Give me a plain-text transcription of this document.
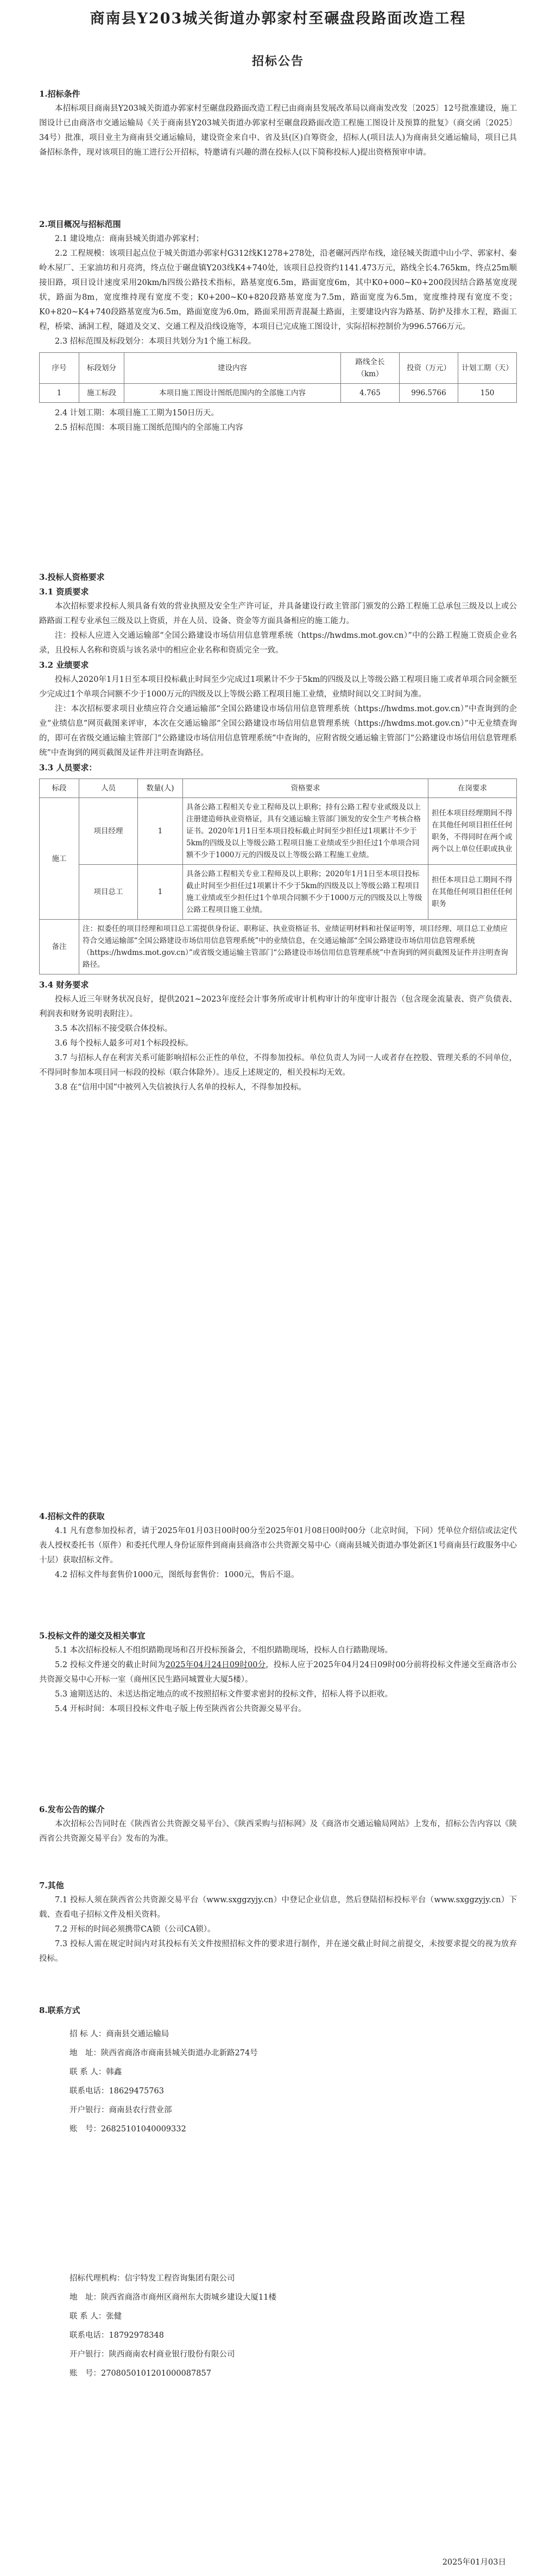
商南县Y203城关街道办郭家村至碾盘段路面改造工程
招标公告
1.招标条件
本招标项目商南县Y203城关街道办郭家村至碾盘段路面改造工程已由商南县发展改革局以商南发改发〔2025〕12号批准建设，施工图设计已由商洛市交通运输局《关于商南县Y203城关街道办郭家村至碾盘段路面改造工程施工图设计及预算的批复》（商交函〔2025〕34号）批准，项目业主为商南县交通运输局，建设资金来自中、省及县(区)自筹资金，招标人(项目法人)为商南县交通运输局，项目已具备招标条件，现对该项目的施工进行公开招标，特邀请有兴趣的潜在投标人(以下简称投标人)提出资格预审申请。
2.项目概况与招标范围
2.1 建设地点：商南县城关街道办郭家村；
2.2 工程规模：该项目起点位于城关街道办郭家村G312线K1278+278处，沿老碾河西岸布线，途径城关街道中山小学、郭家村、秦岭木屋厂、王家油坊和月亮湾，终点位于碾盘镇Y203线K4+740处，该项目总投资约1141.473万元，路线全长4.765km，终点25m顺接旧路，项目设计速度采用20km/h四级公路技术指标，路基宽度6.5m，路面宽度6m，其中K0+000~K0+200段因结合路基宽度现状，路面为8m，宽度维持现有宽度不变；K0+200~K0+820段路基宽度为7.5m，路面宽度为6.5m，宽度维持现有宽度不变；K0+820~K4+740段路基宽度为6.5m，路面宽度为6.0m，路面采用沥青混凝土路面，主要建设内容为路基、防护及排水工程，路面工程，桥梁、涵洞工程，隧道及交叉、交通工程及沿线设施等，本项目已完成施工图设计，实际招标控制价为996.5766万元。
2.3 招标范围及标段划分：本项目共划分为1个施工标段。
序号	标段划分	建设内容	路线全长（km）	投资（万元）	计划工期（天）
1	施工标段	本项目施工图设计图纸范围内的全部施工内容	4.765	996.5766	150
2.4 计划工期：本项目施工工期为150日历天。
2.5 招标范围：本项目施工图纸范围内的全部施工内容
3.投标人资格要求
3.1 资质要求
本次招标要求投标人须具备有效的营业执照及安全生产许可证，并具备建设行政主管部门颁发的公路工程施工总承包三级及以上或公路路面工程专业承包三级及以上资质，并在人员、设备、资金等方面具备相应的施工能力。
注：投标人应进入交通运输部“全国公路建设市场信用信息管理系统（https://hwdms.mot.gov.cn）”中的公路工程施工资质企业名录，且投标人名称和资质与该名录中的相应企业名称和资质完全一致。
3.2 业绩要求
投标人2020年1月1日至本项目投标截止时间至少完成过1项累计不少于5km的四级及以上等级公路工程项目施工或者单项合同金额至少完成过1个单项合同额不少于1000万元的四级及以上等级公路工程项目施工业绩，业绩时间以交工时间为准。
注：本次招标要求项目业绩应符合交通运输部“全国公路建设市场信用信息管理系统（https://hwdms.mot.gov.cn）”中查询到的企业“业绩信息”网页截图来评审，本次在交通运输部“全国公路建设市场信用信息管理系统（https://hwdms.mot.gov.cn）”中无业绩查询的，即可在省级交通运输主管部门“公路建设市场信用信息管理系统”中查询的，应附省级交通运输主管部门“公路建设市场信用信息管理系统”中查询到的网页截图及证件并注明查询路径。
3.3 人员要求：
标段	人员	数量(人)	资格要求	在岗要求
施工	项目经理	1	具备公路工程相关专业工程师及以上职称；持有公路工程专业贰级及以上注册建造师执业资格证，具有交通运输主管部门颁发的安全生产考核合格证书。2020年1月1日至本项目投标截止时间至少担任过1项累计不少于5km的四级及以上等级公路工程项目施工业绩或至少担任过1个单项合同额不少于1000万元的四级及以上等级公路工程施工业绩。	担任本项目经理期间不得在其他任何项目担任任何职务，不得同时在两个或两个以上单位任职或执业
	项目总工	1	具备公路工程相关专业工程师及以上职称；2020年1月1日至本项目投标截止时间至少担任过1项累计不少于5km的四级及以上等级公路工程项目施工业绩或至少担任过1个单项合同额不少于1000万元的四级及以上等级公路工程项目施工业绩。	担任本项目总工期间不得在其他任何项目担任任何职务
备注	注：拟委任的项目经理和项目总工需提供身份证、职称证、执业资格证书、业绩证明材料和社保证明等，项目经理、项目总工业绩应符合交通运输部“全国公路建设市场信用信息管理系统”中的业绩信息，在交通运输部“全国公路建设市场信用信息管理系统（https://hwdms.mot.gov.cn）”或省级交通运输主管部门“公路建设市场信用信息管理系统”中查询到的网页截图及证件并注明查询路径。			
3.4 财务要求
投标人近三年财务状况良好，提供2021~2023年度经会计事务所或审计机构审计的年度审计报告（包含现金流量表、资产负债表、利润表和财务说明表附注）。
3.5 本次招标不接受联合体投标。
3.6 每个投标人最多可对1个标段投标。
3.7 与招标人存在利害关系可能影响招标公正性的单位，不得参加投标。单位负责人为同一人或者存在控股、管理关系的不同单位，不得同时参加本项目同一标段的投标（联合体除外）。违反上述规定的，相关投标均无效。
3.8 在“信用中国”中被列入失信被执行人名单的投标人，不得参加投标。
4.招标文件的获取
4.1 凡有意参加投标者，请于2025年01月03日00时00分至2025年01月08日00时00分（北京时间，下同）凭单位介绍信或法定代表人授权委托书（原件）和委托代理人身份证原件到商南县商洛市公共资源交易中心（商南县城关街道办事处新区1号商南县行政服务中心十层）获取招标文件。
4.2 招标文件每套售价1000元，图纸每套售价：1000元，售后不退。
5.投标文件的递交及相关事宜
5.1 本次招标投标人不组织踏勘现场和召开投标预备会，不组织踏勘现场，投标人自行踏勘现场。
5.2 投标文件递交的截止时间为2025年04月24日09时00分，投标人应于2025年04月24日09时00分前将投标文件递交至商洛市公共资源交易中心开标一室（商州区民生路同城置业大厦5楼）。
5.3 逾期送达的、未送达指定地点的或不按照招标文件要求密封的投标文件，招标人将予以拒收。
5.4 开标时间：本项目投标文件电子版上传至陕西省公共资源交易平台。
6.发布公告的媒介
本次招标公告同时在《陕西省公共资源交易平台》、《陕西采购与招标网》及《商洛市交通运输局网站》上发布，招标公告内容以《陕西省公共资源交易平台》发布的为准。
7.其他
7.1 投标人须在陕西省公共资源交易平台（www.sxggzyjy.cn）中登记企业信息，然后登陆招标投标平台（www.sxggzyjy.cn）下载、查看电子招标文件及相关资料。
7.2 开标的时间必须携带CA锁（公司CA锁）。
7.3 投标人需在规定时间内对其投标有关文件按照招标文件的要求进行制作，并在递交截止时间之前提交，未按要求提交的视为放弃投标。
8.联系方式
招 标 人：商南县交通运输局
地　址：陕西省商洛市商南县城关街道办北新路274号
联 系 人：韩鑫
联系电话：18629475763
开户银行：商南县农行营业部
账　号：26825101040009332
招标代理机构：信宇特发工程咨询集团有限公司
地　址：陕西省商洛市商州区商州东大街城乡建设大厦11楼
联 系 人：张健
联系电话：18792978348
开户银行：陕西商南农村商业银行股份有限公司
账　号：2708050101201000087857
2025年01月03日
